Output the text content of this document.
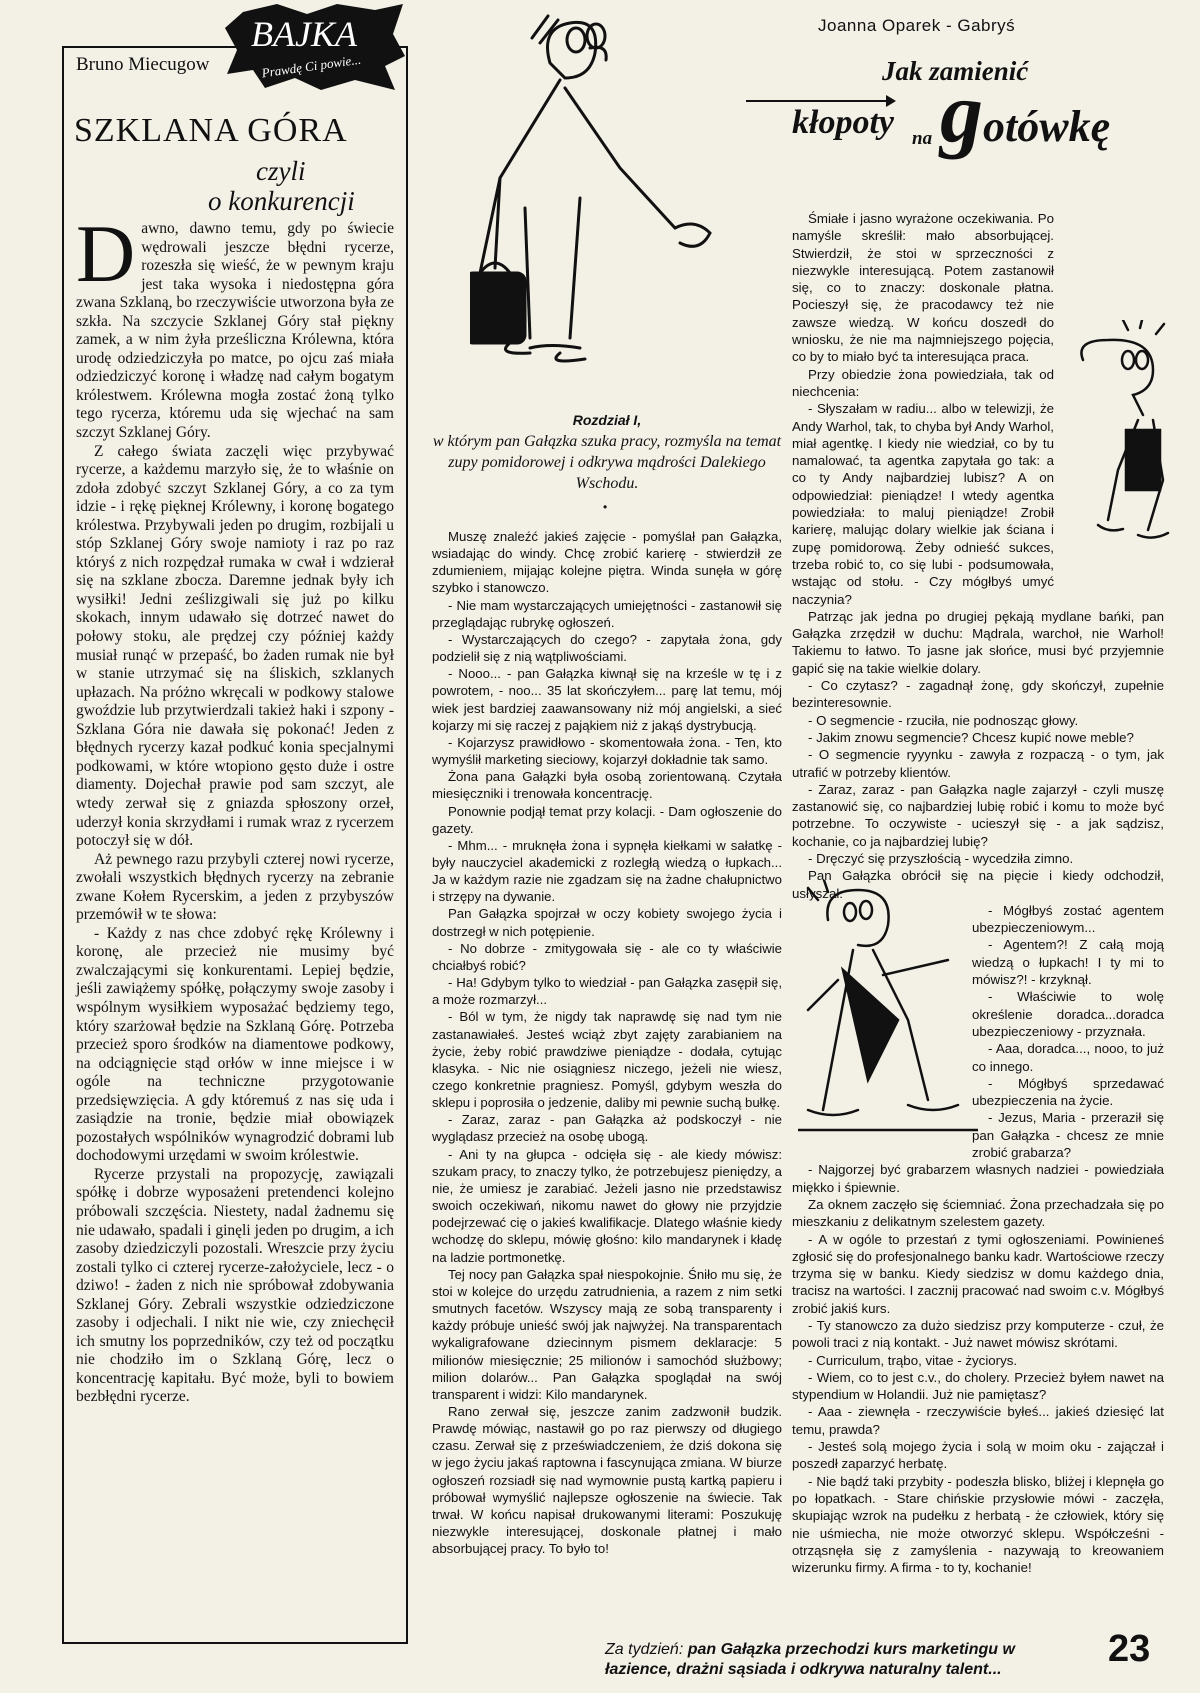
Bruno Miecugow
BAJKA
Prawdę Ci powie...
SZKLANA GÓRA
czyli
o konkurencji

Dawno, dawno temu, gdy po świecie wędrowali jeszcze błędni rycerze, rozeszła się wieść, że w pewnym kraju jest taka wysoka i niedostępna góra zwana Szklaną, bo rzeczywiście utworzona była ze szkła. Na szczycie Szklanej Góry stał piękny zamek, a w nim żyła prześliczna Królewna, która urodę odziedziczyła po matce, po ojcu zaś miała odziedziczyć koronę i władzę nad całym bogatym królestwem. Królewna mogła zostać żoną tylko tego rycerza, któremu uda się wjechać na sam szczyt Szklanej Góry.

Z całego świata zaczęli więc przybywać rycerze, a każdemu marzyło się, że to właśnie on zdoła zdobyć szczyt Szklanej Góry, a co za tym idzie - i rękę pięknej Królewny, i koronę bogatego królestwa. Przybywali jeden po drugim, rozbijali u stóp Szklanej Góry swoje namioty i raz po raz któryś z nich rozpędzał rumaka w cwał i wdzierał się na szklane zbocza. Daremne jednak były ich wysiłki! Jedni ześlizgiwali się już po kilku skokach, innym udawało się dotrzeć nawet do połowy stoku, ale prędzej czy później każdy musiał runąć w przepaść, bo żaden rumak nie był w stanie utrzymać się na śliskich, szklanych upłazach. Na próżno wkręcali w podkowy stalowe gwoździe lub przytwierdzali takież haki i szpony - Szklana Góra nie dawała się pokonać! Jeden z błędnych rycerzy kazał podkuć konia specjalnymi podkowami, w które wtopiono gęsto duże i ostre diamenty. Dojechał prawie pod sam szczyt, ale wtedy zerwał się z gniazda spłoszony orzeł, uderzył konia skrzydłami i rumak wraz z rycerzem potoczył się w dół.

Aż pewnego razu przybyli czterej nowi rycerze, zwołali wszystkich błędnych rycerzy na zebranie zwane Kołem Rycerskim, a jeden z przybyszów przemówił w te słowa:

- Każdy z nas chce zdobyć rękę Królewny i koronę, ale przecież nie musimy być zwalczającymi się konkurentami. Lepiej będzie, jeśli zawiążemy spółkę, połączymy swoje zasoby i wspólnym wysiłkiem wyposażać będziemy tego, który szarżował będzie na Szklaną Górę. Potrzeba przecież sporo środków na diamentowe podkowy, na odciągnięcie stąd orłów w inne miejsce i w ogóle na techniczne przygotowanie przedsięwzięcia. A gdy któremuś z nas się uda i zasiądzie na tronie, będzie miał obowiązek pozostałych wspólników wynagrodzić dobrami lub dochodowymi urzędami w swoim królestwie.

Rycerze przystali na propozycję, zawiązali spółkę i dobrze wyposażeni pretendenci kolejno próbowali szczęścia. Niestety, nadal żadnemu się nie udawało, spadali i ginęli jeden po drugim, a ich zasoby dziedziczyli pozostali. Wreszcie przy życiu zostali tylko ci czterej rycerze-założyciele, lecz - o dziwo! - żaden z nich nie spróbował zdobywania Szklanej Góry. Zebrali wszystkie odziedziczone zasoby i odjechali. I nikt nie wie, czy zniechęcił ich smutny los poprzedników, czy też od początku nie chodziło im o Szklaną Górę, lecz o koncentrację kapitału. Być może, byli to bowiem bezbłędni rycerze.

Rozdział I,
w którym pan Gałązka szuka pracy, rozmyśla na temat zupy pomidorowej i odkrywa mądrości Dalekiego Wschodu.
•

Muszę znaleźć jakieś zajęcie - pomyślał pan Gałązka, wsiadając do windy. Chcę zrobić karierę - stwierdził ze zdumieniem, mijając kolejne piętra. Winda sunęła w górę szybko i stanowczo.

- Nie mam wystarczających umiejętności - zastanowił się przeglądając rubrykę ogłoszeń.

- Wystarczających do czego? - zapytała żona, gdy podzielił się z nią wątpliwościami.

- Nooo... - pan Gałązka kiwnął się na krześle w tę i z powrotem, - noo... 35 lat skończyłem... parę lat temu, mój wiek jest bardziej zaawansowany niż mój angielski, a sieć kojarzy mi się raczej z pająkiem niż z jakąś dystrybucją.

- Kojarzysz prawidłowo - skomentowała żona. - Ten, kto wymyślił marketing sieciowy, kojarzył dokładnie tak samo.

Żona pana Gałązki była osobą zorientowaną. Czytała miesięczniki i trenowała koncentrację.

Ponownie podjął temat przy kolacji. - Dam ogłoszenie do gazety.

- Mhm... - mruknęła żona i sypnęła kiełkami w sałatkę - były nauczyciel akademicki z rozległą wiedzą o łupkach... Ja w każdym razie nie zgadzam się na żadne chałupnictwo i strzępy na dywanie.

Pan Gałązka spojrzał w oczy kobiety swojego życia i dostrzegł w nich potępienie.

- No dobrze - zmitygowała się - ale co ty właściwie chciałbyś robić?

- Ha! Gdybym tylko to wiedział - pan Gałązka zasępił się, a może rozmarzył...

- Ból w tym, że nigdy tak naprawdę się nad tym nie zastanawiałeś. Jesteś wciąż zbyt zajęty zarabianiem na życie, żeby robić prawdziwe pieniądze - dodała, cytując klasyka. - Nic nie osiągniesz niczego, jeżeli nie wiesz, czego konkretnie pragniesz. Pomyśl, gdybym weszła do sklepu i poprosiła o jedzenie, daliby mi pewnie suchą bułkę.

- Zaraz, zaraz - pan Gałązka aż podskoczył - nie wyglądasz przecież na osobę ubogą.

- Ani ty na głupca - odcięła się - ale kiedy mówisz: szukam pracy, to znaczy tylko, że potrzebujesz pieniędzy, a nie, że umiesz je zarabiać. Jeżeli jasno nie przedstawisz swoich oczekiwań, nikomu nawet do głowy nie przyjdzie podejrzewać cię o jakieś kwalifikacje. Dlatego właśnie kiedy wchodzę do sklepu, mówię głośno: kilo mandarynek i kładę na ladzie portmonetkę.

Tej nocy pan Gałązka spał niespokojnie. Śniło mu się, że stoi w kolejce do urzędu zatrudnienia, a razem z nim setki smutnych facetów. Wszyscy mają ze sobą transparenty i każdy próbuje unieść swój jak najwyżej. Na transparentach wykaligrafowane dziecinnym pismem deklaracje: 5 milionów miesięcznie; 25 milionów i samochód służbowy; milion dolarów... Pan Gałązka spoglądał na swój transparent i widzi: Kilo mandarynek.

Rano zerwał się, jeszcze zanim zadzwonił budzik. Prawdę mówiąc, nastawił go po raz pierwszy od długiego czasu. Zerwał się z przeświadczeniem, że dziś dokona się w jego życiu jakaś raptowna i fascynująca zmiana. W biurze ogłoszeń rozsiadł się nad wymownie pustą kartką papieru i próbował wymyślić najlepsze ogłoszenie na świecie. Tak trwał. W końcu napisał drukowanymi literami: Poszukuję niezwykle interesującej, doskonale płatnej i mało absorbującej pracy. To było to!

Joanna Oparek - Gabryś
Jak zamienić
kłopoty na gotówkę

Śmiałe i jasno wyrażone oczekiwania. Po namyśle skreślił: mało absorbującej. Stwierdził, że stoi w sprzeczności z niezwykle interesującą. Potem zastanowił się, co to znaczy: doskonale płatna. Pocieszył się, że pracodawcy też nie zawsze wiedzą. W końcu doszedł do wniosku, że nie ma najmniejszego pojęcia, co by to miało być ta interesująca praca.

Przy obiedzie żona powiedziała, tak od niechcenia:

- Słyszałam w radiu... albo w telewizji, że Andy Warhol, tak, to chyba był Andy Warhol, miał agentkę. I kiedy nie wiedział, co by tu namalować, ta agentka zapytała go tak: a co ty Andy najbardziej lubisz? A on odpowiedział: pieniądze! I wtedy agentka powiedziała: to maluj pieniądze! Zrobił karierę, malując dolary wielkie jak ściana i zupę pomidorową. Żeby odnieść sukces, trzeba robić to, co się lubi - podsumowała, wstając od stołu. - Czy mógłbyś umyć naczynia?

Patrząc jak jedna po drugiej pękają mydlane bańki, pan Gałązka zrzędził w duchu: Mądrala, warchoł, nie Warhol! Takiemu to łatwo. To jasne jak słońce, musi być przyjemnie gapić się na takie wielkie dolary.

- Co czytasz? - zagadnął żonę, gdy skończył, zupełnie bezinteresownie.

- O segmencie - rzuciła, nie podnosząc głowy.

- Jakim znowu segmencie? Chcesz kupić nowe meble?

- O segmencie ryyynku - zawyła z rozpaczą - o tym, jak utrafić w potrzeby klientów.

- Zaraz, zaraz - pan Gałązka nagle zajarzył - czyli muszę zastanowić się, co najbardziej lubię robić i komu to może być potrzebne. To oczywiste - ucieszył się - a jak sądzisz, kochanie, co ja najbardziej lubię?

- Dręczyć się przyszłością - wycedziła zimno.

Pan Gałązka obrócił się na pięcie i kiedy odchodził, usłyszał:

- Mógłbyś zostać agentem ubezpieczeniowym...

- Agentem?! Z całą moją wiedzą o łupkach! I ty mi to mówisz?! - krzyknął.

- Właściwie to wolę określenie doradca...doradca ubezpieczeniowy - przyznała.

- Aaa, doradca..., nooo, to już co innego.

- Mógłbyś sprzedawać ubezpieczenia na życie.

- Jezus, Maria - przeraził się pan Gałązka - chcesz ze mnie zrobić grabarza?

- Najgorzej być grabarzem własnych nadziei - powiedziała miękko i śpiewnie.

Za oknem zaczęło się ściemniać. Żona przechadzała się po mieszkaniu z delikatnym szelestem gazety.

- A w ogóle to przestań z tymi ogłoszeniami. Powinieneś zgłosić się do profesjonalnego banku kadr. Wartościowe rzeczy trzyma się w banku. Kiedy siedzisz w domu każdego dnia, tracisz na wartości. I zacznij pracować nad swoim c.v. Mógłbyś zrobić jakiś kurs.

- Ty stanowczo za dużo siedzisz przy komputerze - czuł, że powoli traci z nią kontakt. - Już nawet mówisz skrótami.

- Curriculum, trąbo, vitae - życiorys.

- Wiem, co to jest c.v., do cholery. Przecież byłem nawet na stypendium w Holandii. Już nie pamiętasz?

- Aaa - ziewnęła - rzeczywiście byłeś... jakieś dziesięć lat temu, prawda?

- Jesteś solą mojego życia i solą w moim oku - zajączał i poszedł zaparzyć herbatę.

- Nie bądź taki przybity - podeszła blisko, bliżej i klepnęła go po łopatkach. - Stare chińskie przysłowie mówi - zaczęła, skupiając wzrok na pudełku z herbatą - że człowiek, który się nie uśmiecha, nie może otworzyć sklepu. Współcześni - otrząsnęła się z zamyślenia - nazywają to kreowaniem wizerunku firmy. A firma - to ty, kochanie!

Za tydzień: pan Gałązka przechodzi kurs marketingu w łazience, drażni sąsiada i odkrywa naturalny talent...	23
